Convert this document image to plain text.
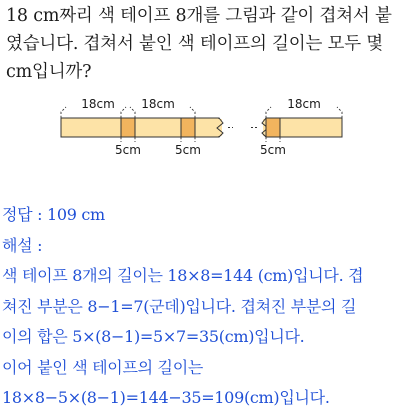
18 cm짜리 색 테이프 8개를 그림과 같이 겹쳐서 붙
였습니다. 겹쳐서 붙인 색 테이프의 길이는 모두 몇
cm입니까?
18cm 18cm	18cm
5cm	5cm	5cm
정답 : 109 cm
해설 :
색 테이프 8개의 길이는 18×8=144 (cm)입니다. 겹
쳐진 부분은 8−1=7(군데)입니다. 겹쳐진 부분의 길
이의 합은 5×(8−1)=5×7=35(cm)입니다.
이어 붙인 색 테이프의 길이는
18×8−5×(8−1)=144−35=109(cm)입니다.
